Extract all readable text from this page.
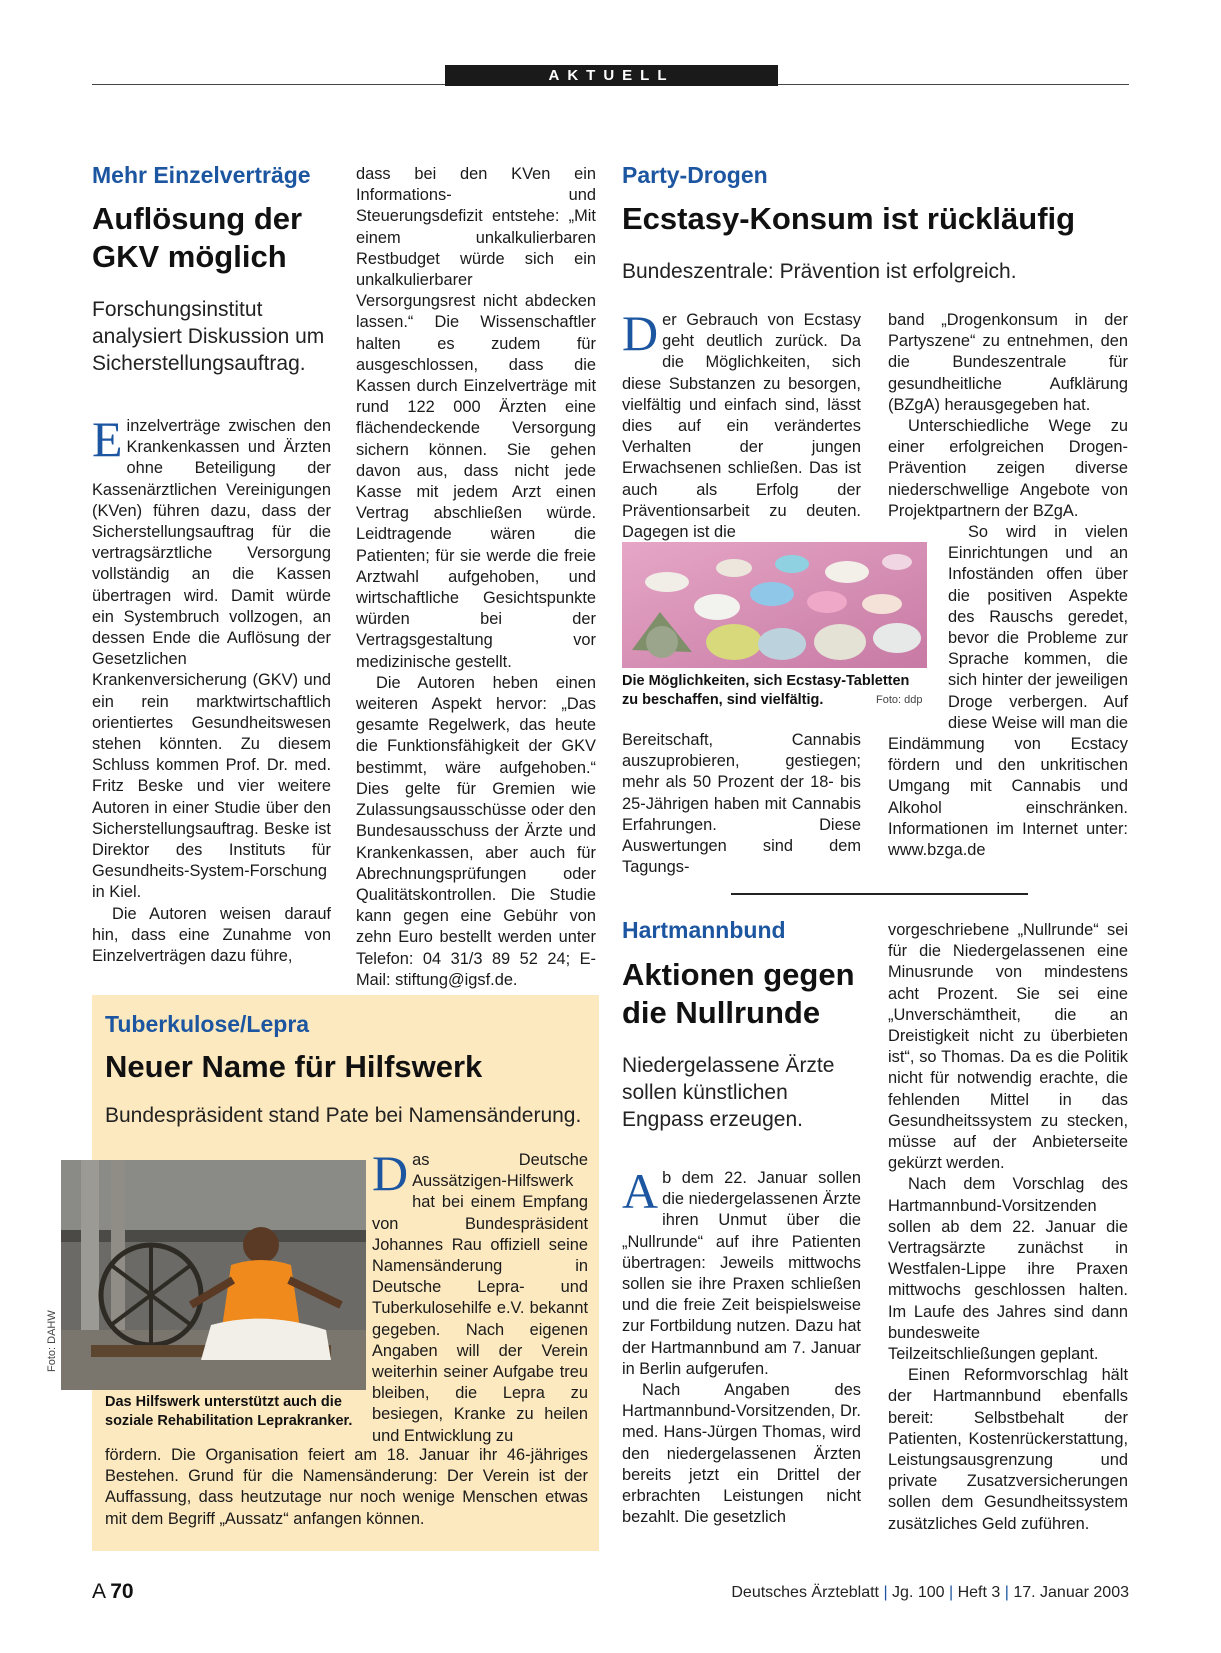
AKTUELL
Mehr Einzelverträge
Auflösung der
GKV möglich
Forschungsinstitut analysiert Diskussion um Sicherstellungsauftrag.

Einzelverträge zwischen den Krankenkassen und Ärzten ohne Beteiligung der Kassenärztlichen Vereinigungen (KVen) führen dazu, dass der Sicherstellungsauftrag für die vertragsärztliche Versorgung vollständig an die Kassen übertragen wird. Damit würde ein Systembruch vollzogen, an dessen Ende die Auflösung der Gesetzlichen Krankenversicherung (GKV) und ein rein marktwirtschaftlich orientiertes Gesundheitswesen stehen könnten. Zu diesem Schluss kommen Prof. Dr. med. Fritz Beske und vier weitere Autoren in einer Studie über den Sicherstellungsauftrag. Beske ist Direktor des Instituts für Gesundheits-System-Forschung in Kiel.

Die Autoren weisen darauf hin, dass eine Zunahme von Einzelverträgen dazu führe,

dass bei den KVen ein Informations- und Steuerungsdefizit entstehe: „Mit einem unkalkulierbaren Restbudget würde sich ein unkalkulierbarer Versorgungsrest nicht abdecken lassen.“ Die Wissenschaftler halten es zudem für ausgeschlossen, dass die Kassen durch Einzelverträge mit rund 122 000 Ärzten eine flächendeckende Versorgung sichern können. Sie gehen davon aus, dass nicht jede Kasse mit jedem Arzt einen Vertrag abschließen würde. Leidtragende wären die Patienten; für sie werde die freie Arztwahl aufgehoben, und wirtschaftliche Gesichtspunkte würden bei der Vertragsgestaltung vor medizinische gestellt.

Die Autoren heben einen weiteren Aspekt hervor: „Das gesamte Regelwerk, das heute die Funktionsfähigkeit der GKV bestimmt, wäre aufgehoben.“ Dies gelte für Gremien wie Zulassungsausschüsse oder den Bundesausschuss der Ärzte und Krankenkassen, aber auch für Abrechnungsprüfungen oder Qualitätskontrollen. Die Studie kann gegen eine Gebühr von zehn Euro bestellt werden unter Telefon: 04 31/3 89 52 24; E-Mail: stiftung@igsf.de.

Party-Drogen
Ecstasy-Konsum ist rückläufig
Bundeszentrale: Prävention ist erfolgreich.

Der Gebrauch von Ecstasy geht deutlich zurück. Da die Möglichkeiten, sich diese Substanzen zu besorgen, vielfältig und einfach sind, lässt dies auf ein verändertes Verhalten der jungen Erwachsenen schließen. Das ist auch als Erfolg der Präventionsarbeit zu deuten. Dagegen ist die

Die Möglichkeiten, sich Ecstasy-Tabletten zu beschaffen, sind vielfältig.	Foto: ddp

Bereitschaft, Cannabis auszuprobieren, gestiegen; mehr als 50 Prozent der 18- bis 25-Jährigen haben mit Cannabis Erfahrungen. Diese Auswertungen sind dem Tagungs-

band „Drogenkonsum in der Partyszene“ zu entnehmen, den die Bundeszentrale für gesundheitliche Aufklärung (BZgA) herausgegeben hat.

Unterschiedliche Wege zu einer erfolgreichen Drogen-Prävention zeigen diverse niederschwellige Angebote von Projektpartnern der BZgA.

So wird in vielen Einrichtungen und an Infoständen offen über die positiven Aspekte des Rauschs geredet, bevor die Probleme zur Sprache kommen, die sich hinter der jeweiligen Droge verbergen. Auf diese Weise will man die Eindämmung von Ecstacy fördern und den unkritischen Umgang mit Cannabis und Alkohol einschränken. Informationen im Internet unter: www.bzga.de

Tuberkulose/Lepra
Neuer Name für Hilfswerk
Bundespräsident stand Pate bei Namensänderung.
Foto: DAHW
Das Hilfswerk unterstützt auch die soziale Rehabilitation Leprakranker.

Das Deutsche Aussätzigen-Hilfswerk hat bei einem Empfang von Bundespräsident Johannes Rau offiziell seine Namensänderung in Deutsche Lepra- und Tuberkulosehilfe e.V. bekannt gegeben. Nach eigenen Angaben will der Verein weiterhin seiner Aufgabe treu bleiben, die Lepra zu besiegen, Kranke zu heilen und Entwicklung zu

fördern. Die Organisation feiert am 18. Januar ihr 46-jähriges Bestehen. Grund für die Namensänderung: Der Verein ist der Auffassung, dass heutzutage nur noch wenige Menschen etwas mit dem Begriff „Aussatz“ anfangen können.

Hartmannbund
Aktionen gegen
die Nullrunde
Niedergelassene Ärzte sollen künstlichen Engpass erzeugen.

Ab dem 22. Januar sollen die niedergelassenen Ärzte ihren Unmut über die „Nullrunde“ auf ihre Patienten übertragen: Jeweils mittwochs sollen sie ihre Praxen schließen und die freie Zeit beispielsweise zur Fortbildung nutzen. Dazu hat der Hartmannbund am 7. Januar in Berlin aufgerufen.

Nach Angaben des Hartmannbund-Vorsitzenden, Dr. med. Hans-Jürgen Thomas, wird den niedergelassenen Ärzten bereits jetzt ein Drittel der erbrachten Leistungen nicht bezahlt. Die gesetzlich

vorgeschriebene „Nullrunde“ sei für die Niedergelassenen eine Minusrunde von mindestens acht Prozent. Sie sei eine „Unverschämtheit, die an Dreistigkeit nicht zu überbieten ist“, so Thomas. Da es die Politik nicht für notwendig erachte, die fehlenden Mittel in das Gesundheitssystem zu stecken, müsse auf der Anbieterseite gekürzt werden.

Nach dem Vorschlag des Hartmannbund-Vorsitzenden sollen ab dem 22. Januar die Vertragsärzte zunächst in Westfalen-Lippe ihre Praxen mittwochs geschlossen halten. Im Laufe des Jahres sind dann bundesweite Teilzeitschließungen geplant.

Einen Reformvorschlag hält der Hartmannbund ebenfalls bereit: Selbstbehalt der Patienten, Kostenrückerstattung, Leistungsausgrenzung und private Zusatzversicherungen sollen dem Gesundheitssystem zusätzliches Geld zuführen.

A  70	Deutsches Ärzteblatt | Jg. 100 | Heft 3 | 17. Januar 2003
